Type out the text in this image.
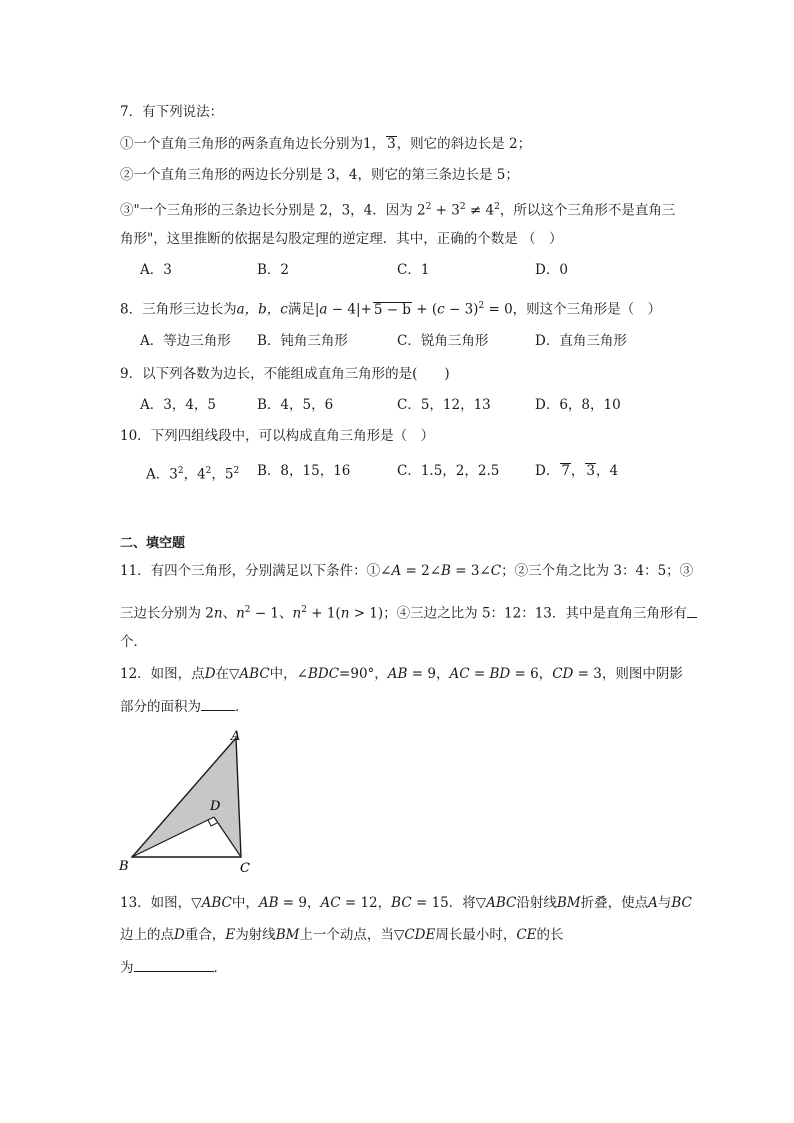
7．有下列说法：
①一个直角三角形的两条直角边长分别为1， 3，则它的斜边长是 2；
②一个直角三角形的两边长分别是 3，4，则它的第三条边长是 5；
③"一个三角形的三条边长分别是 2，3，4．因为 $2^2 + 3^2 \ne 4^2$，所以这个三角形不是直角三
角形"，这里推断的依据是勾股定理的逆定理．其中，正确的个数是 （　）
A．3	B．2	C．1	D．0
8．三角形三边长为a，b，c满足$|a - 4|+ 5 - b + (c - 3)^2 = 0$，则这个三角形是（　）
A．等边三角形 B．钝角三角形	C．锐角三角形	D．直角三角形
9．以下列各数为边长，不能组成直角三角形的是(　　)
A．3，4，5	B．4，5，6	C．5，12，13	D．6，8，10
10．下列四组线段中，可以构成直角三角形是（　）
A．$3^2$，$4^2$，$5^2$ B．8，15，16	C．1.5，2，2.5	D． 7， 3，4
二、填空题
11．有四个三角形，分别满足以下条件：①∠A = 2∠B = 3∠C；②三个角之比为 3：4：5；③
三边长分别为 2n、$n^2 - 1$、$n^2 + 1(n > 1)$；④三边之比为 5：12：13．其中是直角三角形有
个．
12．如图，点D在▽ABC中，∠BDC=90°，AB = 9，AC = BD = 6，CD = 3，则图中阴影
部分的面积为	．
A
B	C
D
13．如图，▽ABC中，AB = 9，AC = 12，BC = 15．将▽ABC沿射线BM折叠，使点A与BC
边上的点D重合，E为射线BM上一个动点，当▽CDE周长最小时，CE的长
为	．
